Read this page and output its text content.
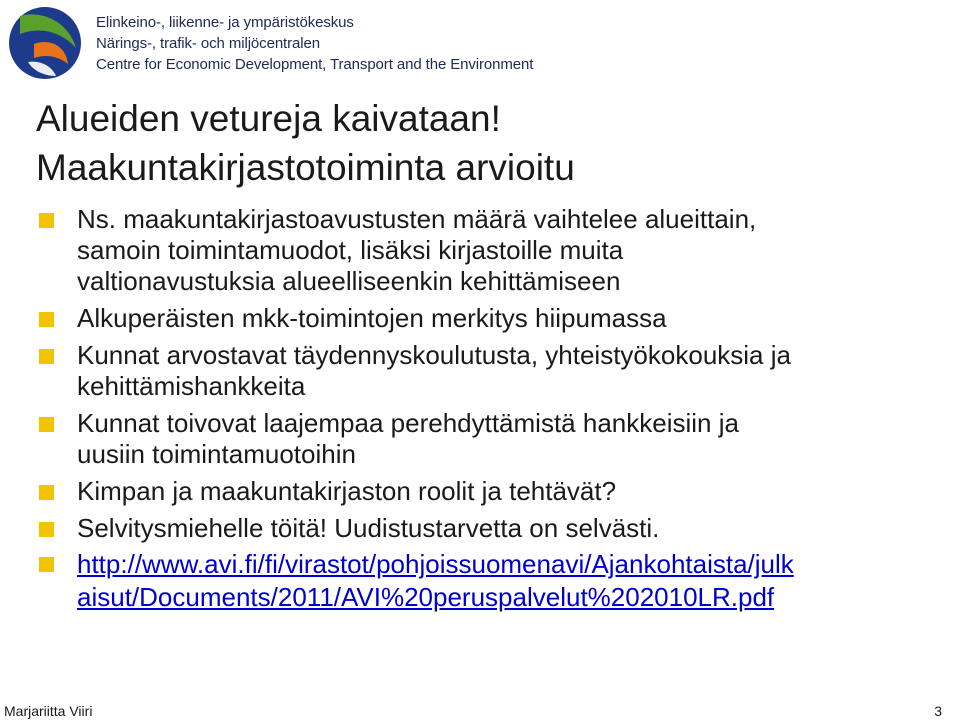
Elinkeino-, liikenne- ja ympäristökeskus
Närings-, trafik- och miljöcentralen
Centre for Economic Development, Transport and the Environment
Alueiden vetureja kaivataan!
Maakuntakirjastotoiminta arvioitu
Ns. maakuntakirjastoavustusten määrä vaihtelee alueittain,
samoin toimintamuodot, lisäksi kirjastoille muita
valtionavustuksia alueelliseenkin kehittämiseen
Alkuperäisten mkk-toimintojen merkitys hiipumassa
Kunnat arvostavat täydennyskoulutusta, yhteistyökokouksia ja
kehittämishankkeita
Kunnat toivovat laajempaa perehdyttämistä hankkeisiin ja
uusiin toimintamuotoihin
Kimpan ja maakuntakirjaston roolit ja tehtävät?
Selvitysmiehelle töitä! Uudistustarvetta on selvästi.
http://www.avi.fi/fi/virastot/pohjoissuomenavi/Ajankohtaista/julk
aisut/Documents/2011/AVI%20peruspalvelut%202010LR.pdf
Marjariitta Viiri	3
